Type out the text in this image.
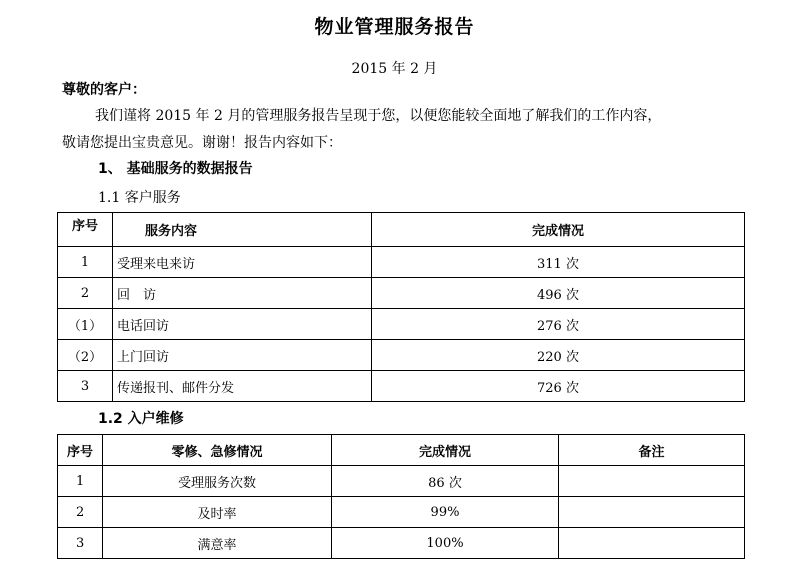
物业管理服务报告
2015 年 2 月
尊敬的客户：
我们谨将 2015 年 2 月的管理服务报告呈现于您，以便您能较全面地了解我们的工作内容，
敬请您提出宝贵意见。谢谢！报告内容如下：
1、 基础服务的数据报告
1.1 客户服务
序号	服务内容	完成情况
1	受理来电来访	311 次
2	回　访	496 次
（1）	电话回访	276 次
（2）	上门回访	220 次
3	传递报刊、邮件分发	726 次
1.2 入户维修
序号	零修、急修情况	完成情况	备注
1	受理服务次数	86 次	
2	及时率	99%	
3	满意率	100%	
